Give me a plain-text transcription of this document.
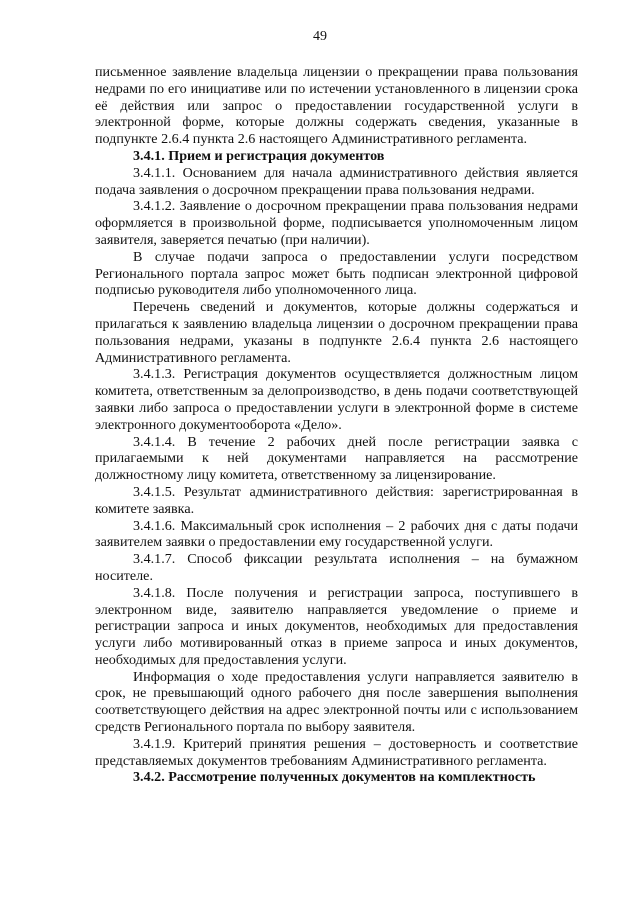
49

письменное заявление владельца лицензии о прекращении права пользования недрами по его инициативе или по истечении установленного в лицензии срока её действия или запрос о предоставлении государственной услуги в электронной форме, которые должны содержать сведения, указанные в подпункте 2.6.4 пункта 2.6 настоящего Административного регламента.

3.4.1. Прием и регистрация документов

3.4.1.1. Основанием для начала административного действия является подача заявления о досрочном прекращении права пользования недрами.

3.4.1.2. Заявление о досрочном прекращении права пользования недрами оформляется в произвольной форме, подписывается уполномоченным лицом заявителя, заверяется печатью (при наличии).

В случае подачи запроса о предоставлении услуги посредством Регионального портала запрос может быть подписан электронной цифровой подписью руководителя либо уполномоченного лица.

Перечень сведений и документов, которые должны содержаться и прилагаться к заявлению владельца лицензии о досрочном прекращении права пользования недрами, указаны в подпункте 2.6.4 пункта 2.6 настоящего Административного регламента.

3.4.1.3. Регистрация документов осуществляется должностным лицом комитета, ответственным за делопроизводство, в день подачи соответствующей заявки либо запроса о предоставлении услуги в электронной форме в системе электронного документооборота «Дело».

3.4.1.4. В течение 2 рабочих дней после регистрации заявка с прилагаемыми к ней документами направляется на рассмотрение должностному лицу комитета, ответственному за лицензирование.

3.4.1.5. Результат административного действия: зарегистрированная в комитете заявка.

3.4.1.6. Максимальный срок исполнения – 2 рабочих дня с даты подачи заявителем заявки о предоставлении ему государственной услуги.

3.4.1.7. Способ фиксации результата исполнения – на бумажном носителе.

3.4.1.8. После получения и регистрации запроса, поступившего в электронном виде, заявителю направляется уведомление о приеме и регистрации запроса и иных документов, необходимых для предоставления услуги либо мотивированный отказ в приеме запроса и иных документов, необходимых для предоставления услуги.

Информация о ходе предоставления услуги направляется заявителю в срок, не превышающий одного рабочего дня после завершения выполнения соответствующего действия на адрес электронной почты или с использованием средств Регионального портала по выбору заявителя.

3.4.1.9. Критерий принятия решения – достоверность и соответствие представляемых документов требованиям Административного регламента.

3.4.2. Рассмотрение полученных документов на комплектность
